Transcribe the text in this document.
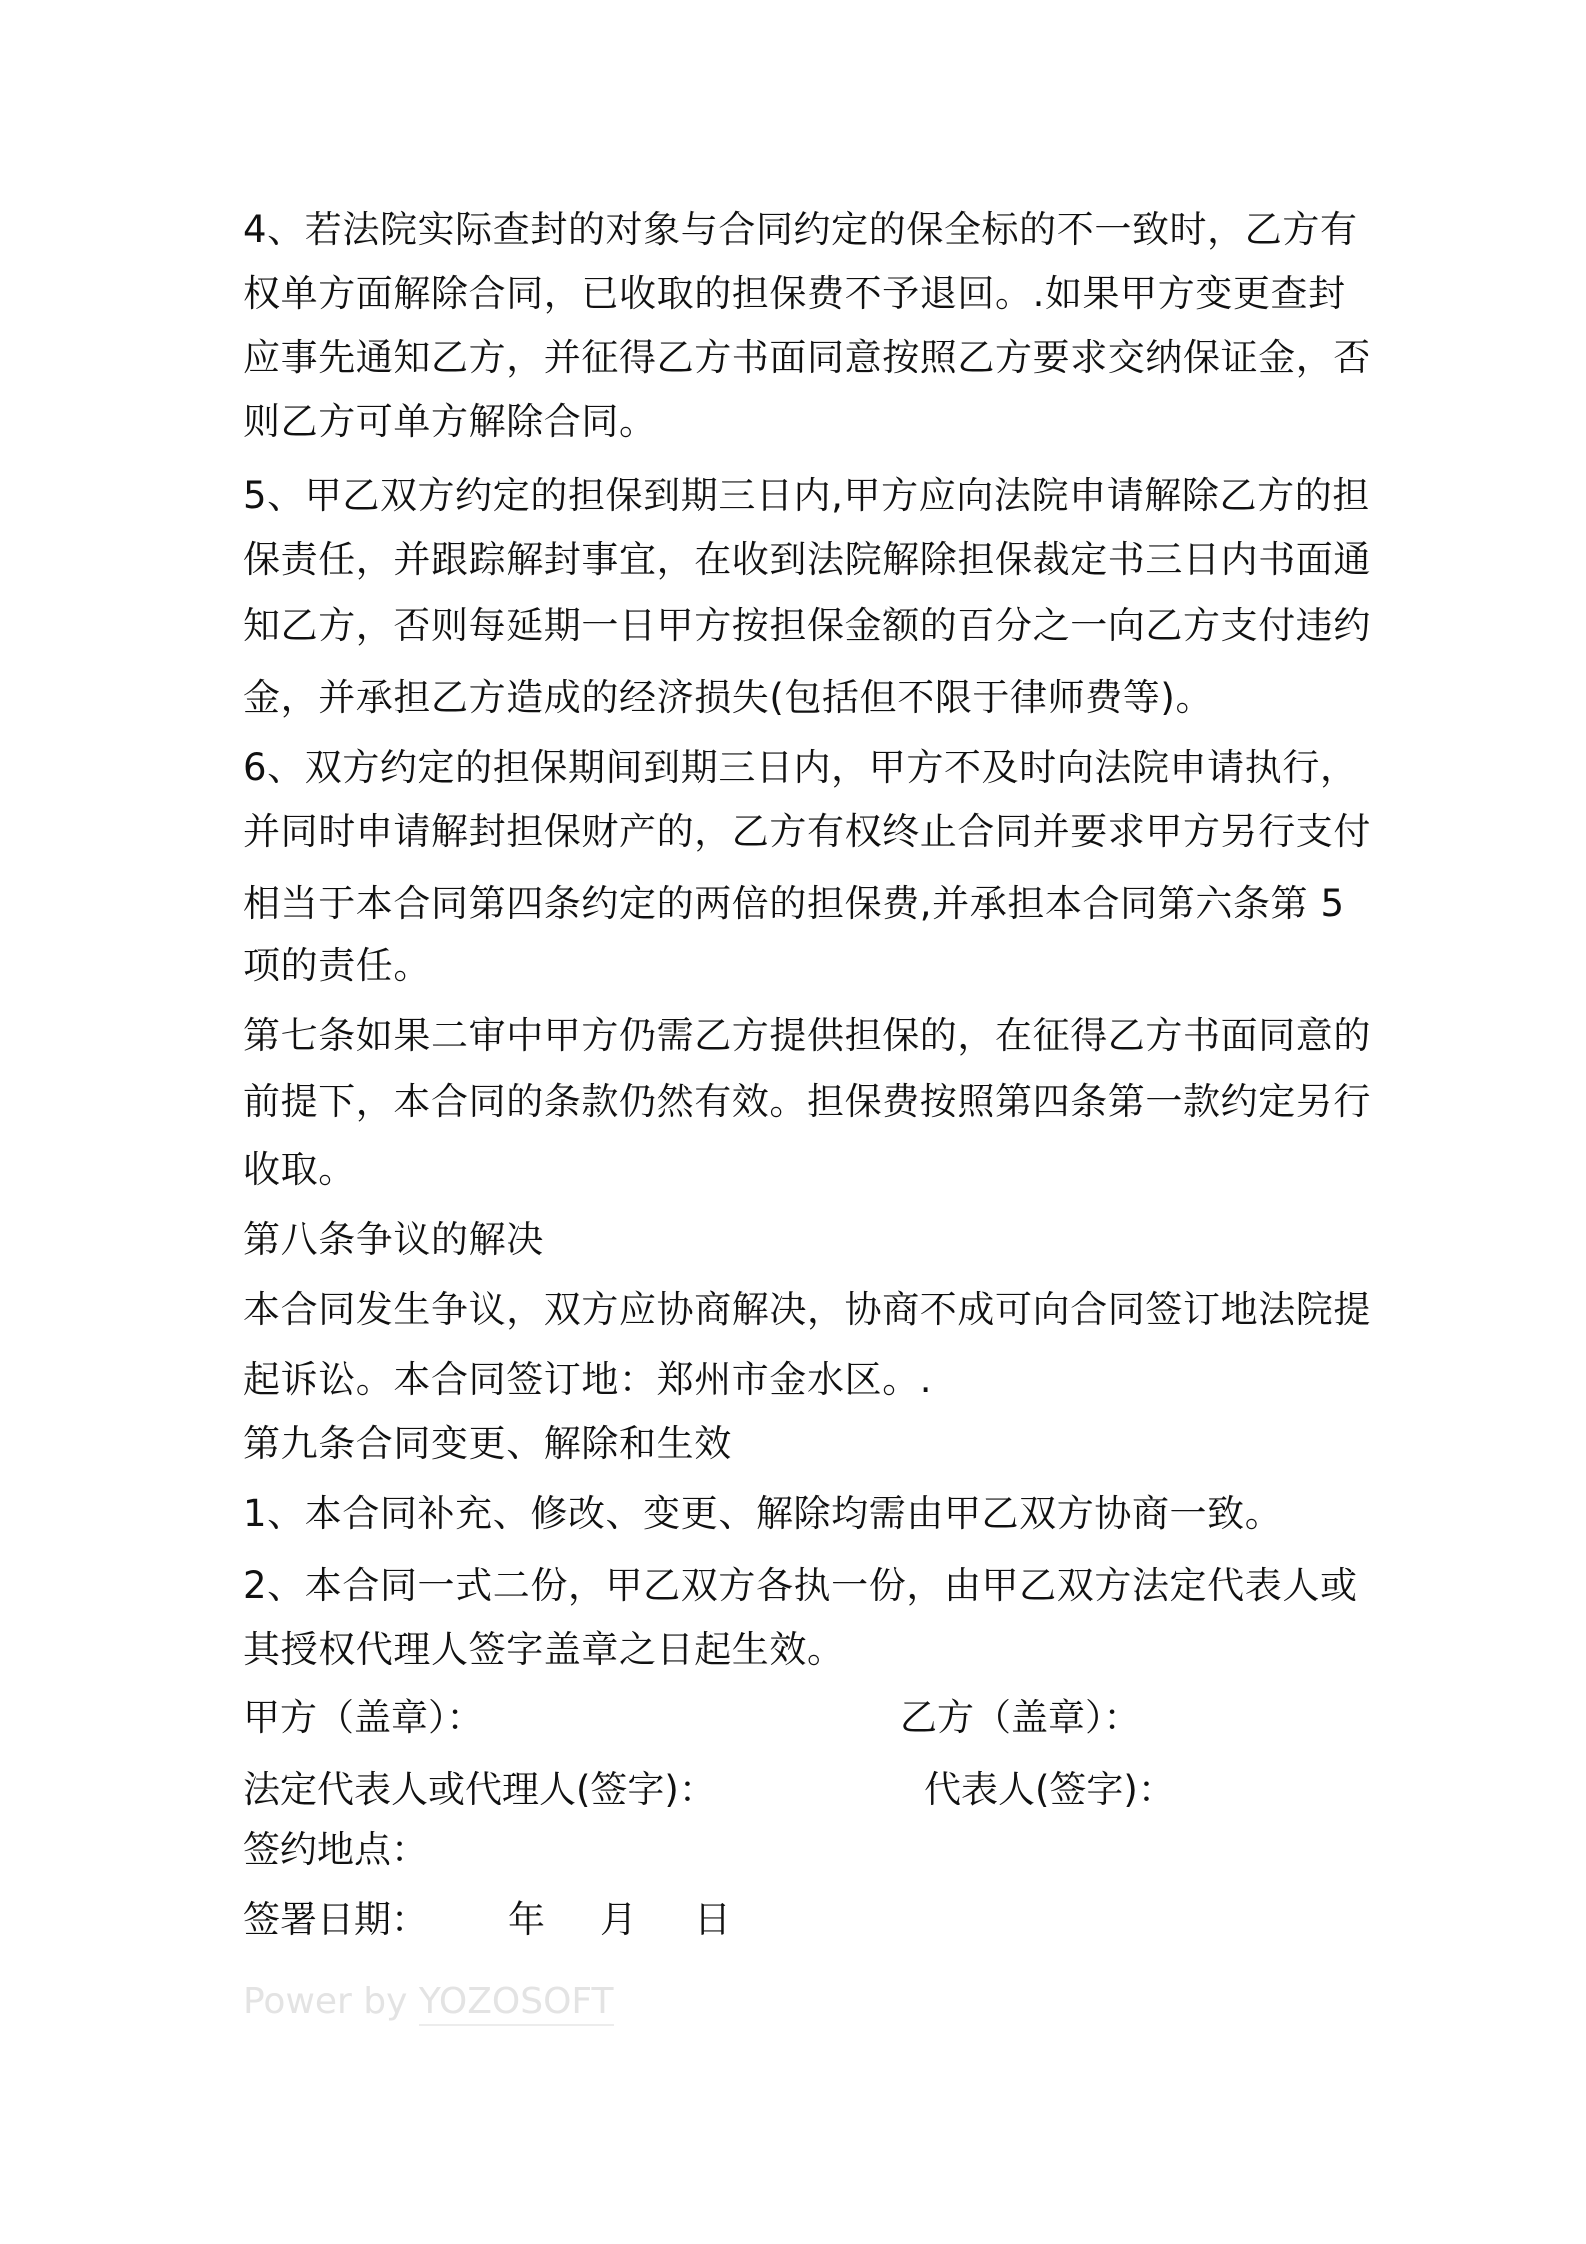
4、若法院实际查封的对象与合同约定的保全标的不一致时，乙方有
权单方面解除合同，已收取的担保费不予退回。.如果甲方变更查封
应事先通知乙方，并征得乙方书面同意按照乙方要求交纳保证金，否
则乙方可单方解除合同。
5、甲乙双方约定的担保到期三日内,甲方应向法院申请解除乙方的担
保责任，并跟踪解封事宜，在收到法院解除担保裁定书三日内书面通
知乙方，否则每延期一日甲方按担保金额的百分之一向乙方支付违约
金，并承担乙方造成的经济损失(包括但不限于律师费等)。
6、双方约定的担保期间到期三日内，甲方不及时向法院申请执行，
并同时申请解封担保财产的，乙方有权终止合同并要求甲方另行支付
相当于本合同第四条约定的两倍的担保费,并承担本合同第六条第 5
项的责任。
第七条如果二审中甲方仍需乙方提供担保的，在征得乙方书面同意的
前提下，本合同的条款仍然有效。担保费按照第四条第一款约定另行
收取。
第八条争议的解决
本合同发生争议，双方应协商解决，协商不成可向合同签订地法院提
起诉讼。本合同签订地：郑州市金水区。.
第九条合同变更、解除和生效
1、本合同补充、修改、变更、解除均需由甲乙双方协商一致。
2、本合同一式二份，甲乙双方各执一份，由甲乙双方法定代表人或
其授权代理人签字盖章之日起生效。
甲方（盖章）：	乙方（盖章）：
法定代表人或代理人(签字)：	代表人(签字)：
签约地点：
签署日期： 年 月 日
Power by YOZOSOFT
